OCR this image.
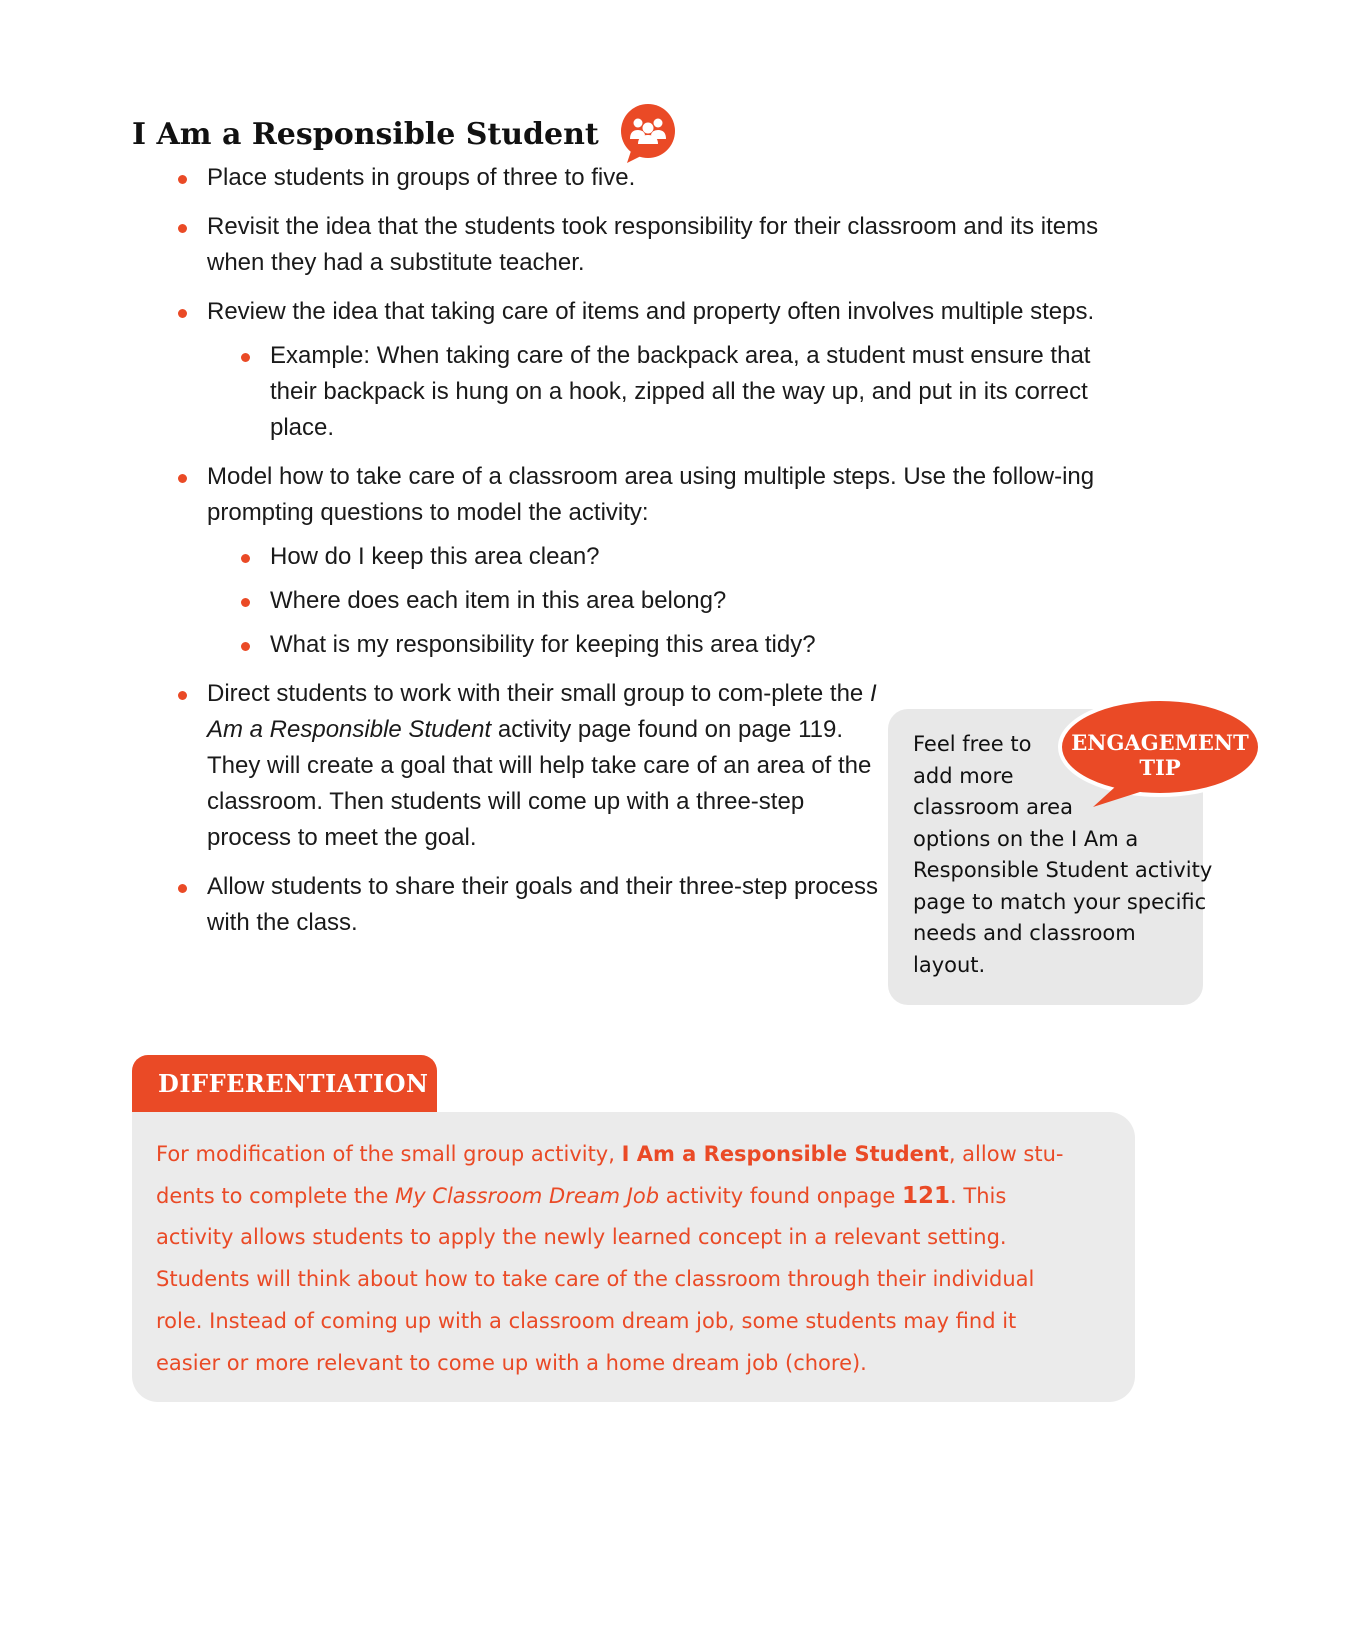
I Am a Responsible Student
Place students in groups of three to five.
Revisit the idea that the students took responsibility for their classroom and its items when they had a substitute teacher.
Review the idea that taking care of items and property often involves multiple steps.
Example: When taking care of the backpack area, a student must ensure that their backpack is hung on a hook, zipped all the way up, and put in its correct place.
Model how to take care of a classroom area using multiple steps. Use the follow-ing prompting questions to model the activity:
How do I keep this area clean?
Where does each item in this area belong?
What is my responsibility for keeping this area tidy?
Direct students to work with their small group to com-plete the I Am a Responsible Student activity page found on page 119. They will create a goal that will help take care of an area of the classroom. Then students will come up with a three-step process to meet the goal.
Allow students to share their goals and their three-step process with the class.

Feel free to
add more
classroom area
options on the I Am a
Responsible Student activity
page to match your specific
needs and classroom
layout.

ENGAGEMENT
TIP
DIFFERENTIATION

For modification of the small group activity, I Am a Responsible Student, allow stu-
dents to complete the My Classroom Dream Job activity found onpage 121. This
activity allows students to apply the newly learned concept in a relevant setting.
Students will think about how to take care of the classroom through their individual
role. Instead of coming up with a classroom dream job, some students may find it
easier or more relevant to come up with a home dream job (chore).
